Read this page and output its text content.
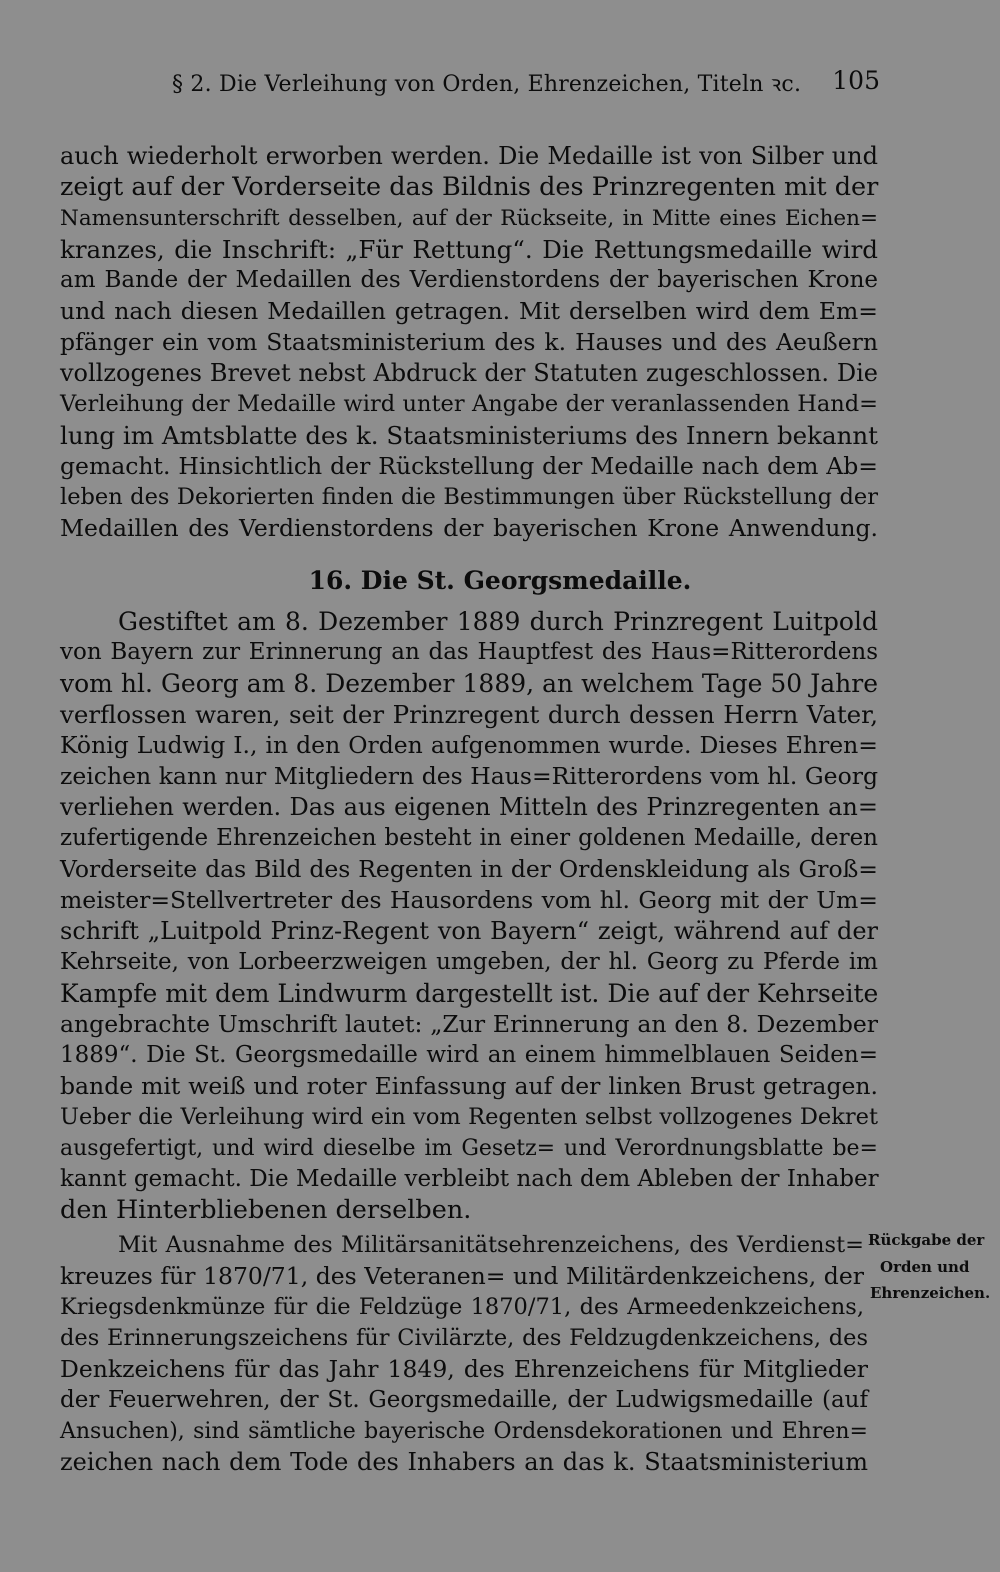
§ 2. Die Verleihung von Orden, Ehrenzeichen, Titeln ꝛc. 105
auch wiederholt erworben werden. Die Medaille ist von Silber und
zeigt auf der Vorderseite das Bildnis des Prinzregenten mit der
Namensunterschrift desselben, auf der Rückseite, in Mitte eines Eichen=
kranzes, die Inschrift: „Für Rettung“. Die Rettungsmedaille wird
am Bande der Medaillen des Verdienstordens der bayerischen Krone
und nach diesen Medaillen getragen. Mit derselben wird dem Em=
pfänger ein vom Staatsministerium des k. Hauses und des Aeußern
vollzogenes Brevet nebst Abdruck der Statuten zugeschlossen. Die
Verleihung der Medaille wird unter Angabe der veranlassenden Hand=
lung im Amtsblatte des k. Staatsministeriums des Innern bekannt
gemacht. Hinsichtlich der Rückstellung der Medaille nach dem Ab=
leben des Dekorierten finden die Bestimmungen über Rückstellung der
Medaillen des Verdienstordens der bayerischen Krone Anwendung.
16. Die St. Georgsmedaille.
Gestiftet am 8. Dezember 1889 durch Prinzregent Luitpold
von Bayern zur Erinnerung an das Hauptfest des Haus=Ritterordens
vom hl. Georg am 8. Dezember 1889, an welchem Tage 50 Jahre
verflossen waren, seit der Prinzregent durch dessen Herrn Vater,
König Ludwig I., in den Orden aufgenommen wurde. Dieses Ehren=
zeichen kann nur Mitgliedern des Haus=Ritterordens vom hl. Georg
verliehen werden. Das aus eigenen Mitteln des Prinzregenten an=
zufertigende Ehrenzeichen besteht in einer goldenen Medaille, deren
Vorderseite das Bild des Regenten in der Ordenskleidung als Groß=
meister=Stellvertreter des Hausordens vom hl. Georg mit der Um=
schrift „Luitpold Prinz-Regent von Bayern“ zeigt, während auf der
Kehrseite, von Lorbeerzweigen umgeben, der hl. Georg zu Pferde im
Kampfe mit dem Lindwurm dargestellt ist. Die auf der Kehrseite
angebrachte Umschrift lautet: „Zur Erinnerung an den 8. Dezember
1889“. Die St. Georgsmedaille wird an einem himmelblauen Seiden=
bande mit weiß und roter Einfassung auf der linken Brust getragen.
Ueber die Verleihung wird ein vom Regenten selbst vollzogenes Dekret
ausgefertigt, und wird dieselbe im Gesetz= und Verordnungsblatte be=
kannt gemacht. Die Medaille verbleibt nach dem Ableben der Inhaber
den Hinterbliebenen derselben.
Mit Ausnahme des Militärsanitätsehrenzeichens, des Verdienst=
kreuzes für 1870/71, des Veteranen= und Militärdenkzeichens, der
Kriegsdenkmünze für die Feldzüge 1870/71, des Armeedenkzeichens,
des Erinnerungszeichens für Civilärzte, des Feldzugdenkzeichens, des
Denkzeichens für das Jahr 1849, des Ehrenzeichens für Mitglieder
der Feuerwehren, der St. Georgsmedaille, der Ludwigsmedaille (auf
Ansuchen), sind sämtliche bayerische Ordensdekorationen und Ehren=
zeichen nach dem Tode des Inhabers an das k. Staatsministerium
Rückgabe der
Orden und
Ehrenzeichen.
